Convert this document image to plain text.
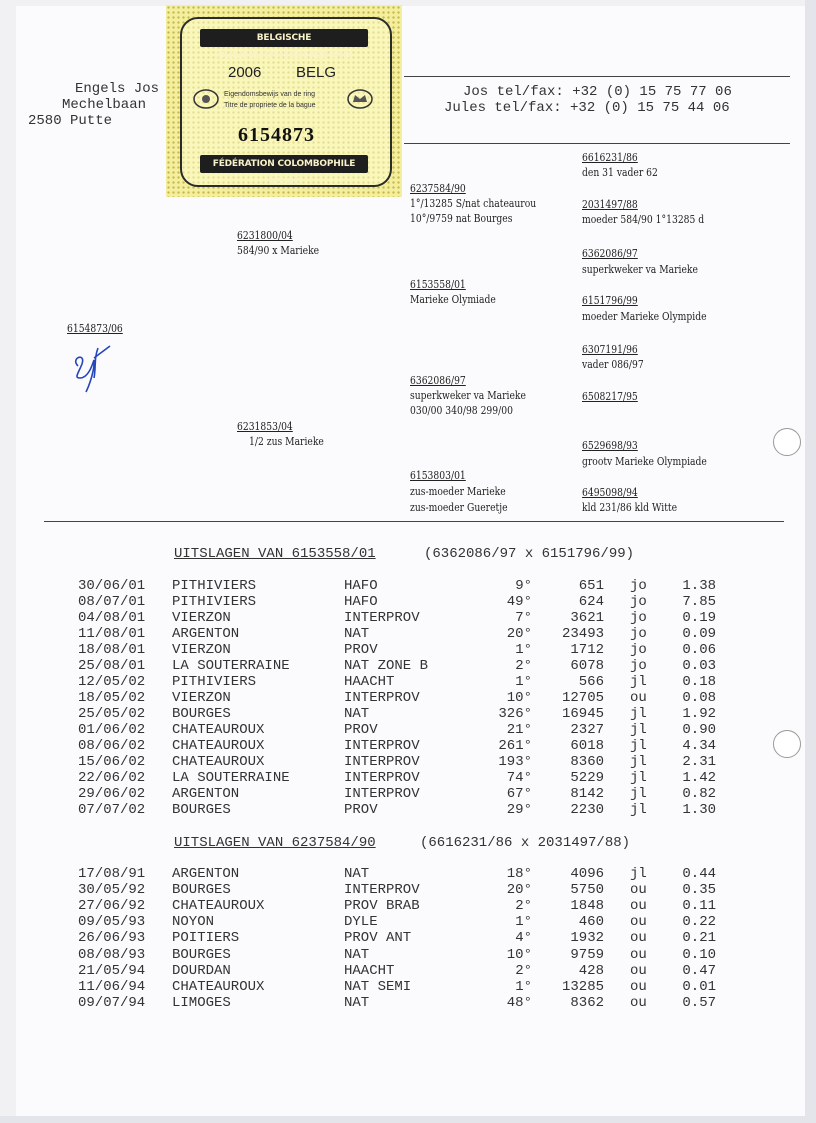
Engels Jos
Mechelbaan
2580 Putte
Jos tel/fax: +32 (0) 15 75 77 06
Jules tel/fax: +32 (0) 15 75 44 06
BELGISCHE DUIVENLIEFHEBBERSBOND
2006 BELG
Eigendomsbewijs van de ring
Titre de propriete de la bague
6154873
FÉDÉRATION COLOMBOPHILE BELGE
6154873/06
6231800/04
584/90 x Marieke
6231853/04
1/2 zus Marieke
6237584/90
1°/13285 S/nat chateaurou
10°/9759 nat Bourges
6153558/01
Marieke Olymiade
6362086/97
superkweker va Marieke
030/00 340/98 299/00
6153803/01
zus-moeder Marieke
zus-moeder Gueretje
6616231/86
den 31 vader 62
2031497/88
moeder 584/90 1°13285 d
6362086/97
superkweker va Marieke
6151796/99
moeder Marieke Olympide
6307191/96
vader 086/97
6508217/95
6529698/93
grootv Marieke Olympiade
6495098/94
kld 231/86 kld Witte
UITSLAGEN VAN 6153558/01	(6362086/97 x 6151796/99)
30/06/01 PITHIVIERS	HAFO	9°	651 jo	1.38
08/07/01 PITHIVIERS	HAFO	49°	624 jo	7.85
04/08/01 VIERZON	INTERPROV	7°	3621 jo	0.19
11/08/01 ARGENTON	NAT	20° 23493 jo	0.09
18/08/01 VIERZON	PROV	1°	1712 jo	0.06
25/08/01 LA SOUTERRAINE	NAT ZONE B	2°	6078 jo	0.03
12/05/02 PITHIVIERS	HAACHT	1°	566 jl	0.18
18/05/02 VIERZON	INTERPROV	10° 12705 ou	0.08
25/05/02 BOURGES	NAT	326° 16945 jl	1.92
01/06/02 CHATEAUROUX	PROV	21°	2327 jl	0.90
08/06/02 CHATEAUROUX	INTERPROV	261°	6018 jl	4.34
15/06/02 CHATEAUROUX	INTERPROV	193°	8360 jl	2.31
22/06/02 LA SOUTERRAINE	INTERPROV	74°	5229 jl	1.42
29/06/02 ARGENTON	INTERPROV	67°	8142 jl	0.82
07/07/02 BOURGES	PROV	29°	2230 jl	1.30
UITSLAGEN VAN 6237584/90	(6616231/86 x 2031497/88)
17/08/91 ARGENTON	NAT	18°	4096 jl	0.44
30/05/92 BOURGES	INTERPROV	20°	5750 ou	0.35
27/06/92 CHATEAUROUX	PROV BRAB	2°	1848 ou	0.11
09/05/93 NOYON	DYLE	1°	460 ou	0.22
26/06/93 POITIERS	PROV ANT	4°	1932 ou	0.21
08/08/93 BOURGES	NAT	10°	9759 ou	0.10
21/05/94 DOURDAN	HAACHT	2°	428 ou	0.47
11/06/94 CHATEAUROUX	NAT SEMI	1° 13285 ou	0.01
09/07/94 LIMOGES	NAT	48°	8362 ou	0.57
